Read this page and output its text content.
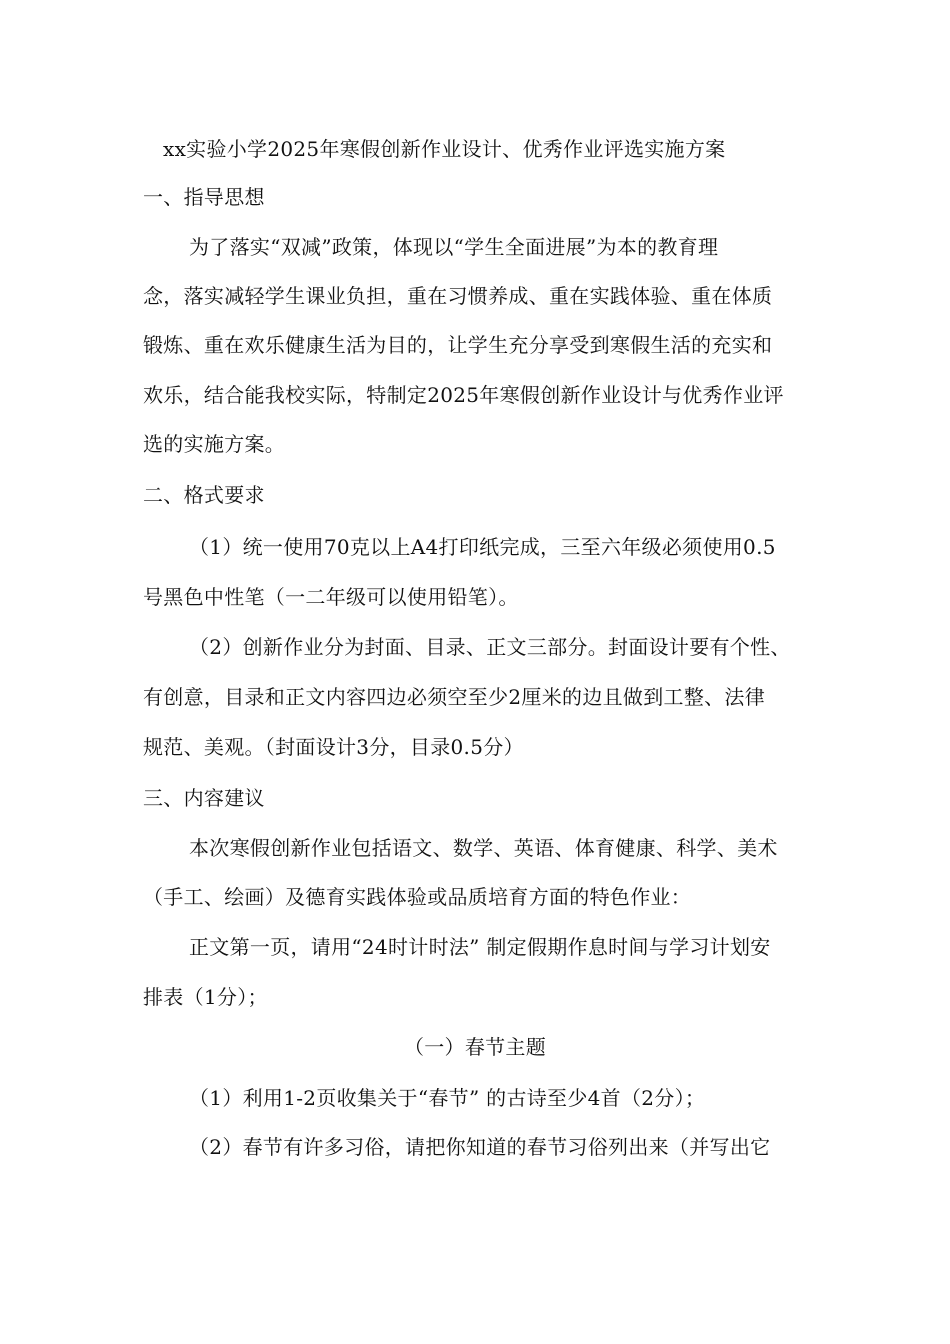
xx实验小学2025年寒假创新作业设计、优秀作业评选实施方案
一、指导思想
为了落实“双减”政策，体现以“学生全面进展”为本的教育理
念，落实减轻学生课业负担，重在习惯养成、重在实践体验、重在体质
锻炼、重在欢乐健康生活为目的，让学生充分享受到寒假生活的充实和
欢乐，结合能我校实际，特制定2025年寒假创新作业设计与优秀作业评
选的实施方案。
二、格式要求
（1）统一使用70克以上A4打印纸完成，三至六年级必须使用0.5
号黑色中性笔（一二年级可以使用铅笔）。
（2）创新作业分为封面、目录、正文三部分。封面设计要有个性、
有创意，目录和正文内容四边必须空至少2厘米的边且做到工整、法律
规范、美观。（封面设计3分，目录0.5分）
三、内容建议
本次寒假创新作业包括语文、数学、英语、体育健康、科学、美术
（手工、绘画）及德育实践体验或品质培育方面的特色作业：
正文第一页，请用“24时计时法” 制定假期作息时间与学习计划安
排表（1分）；
（一）春节主题
（1）利用1-2页收集关于“春节” 的古诗至少4首（2分）；
（2）春节有许多习俗，请把你知道的春节习俗列出来（并写出它
